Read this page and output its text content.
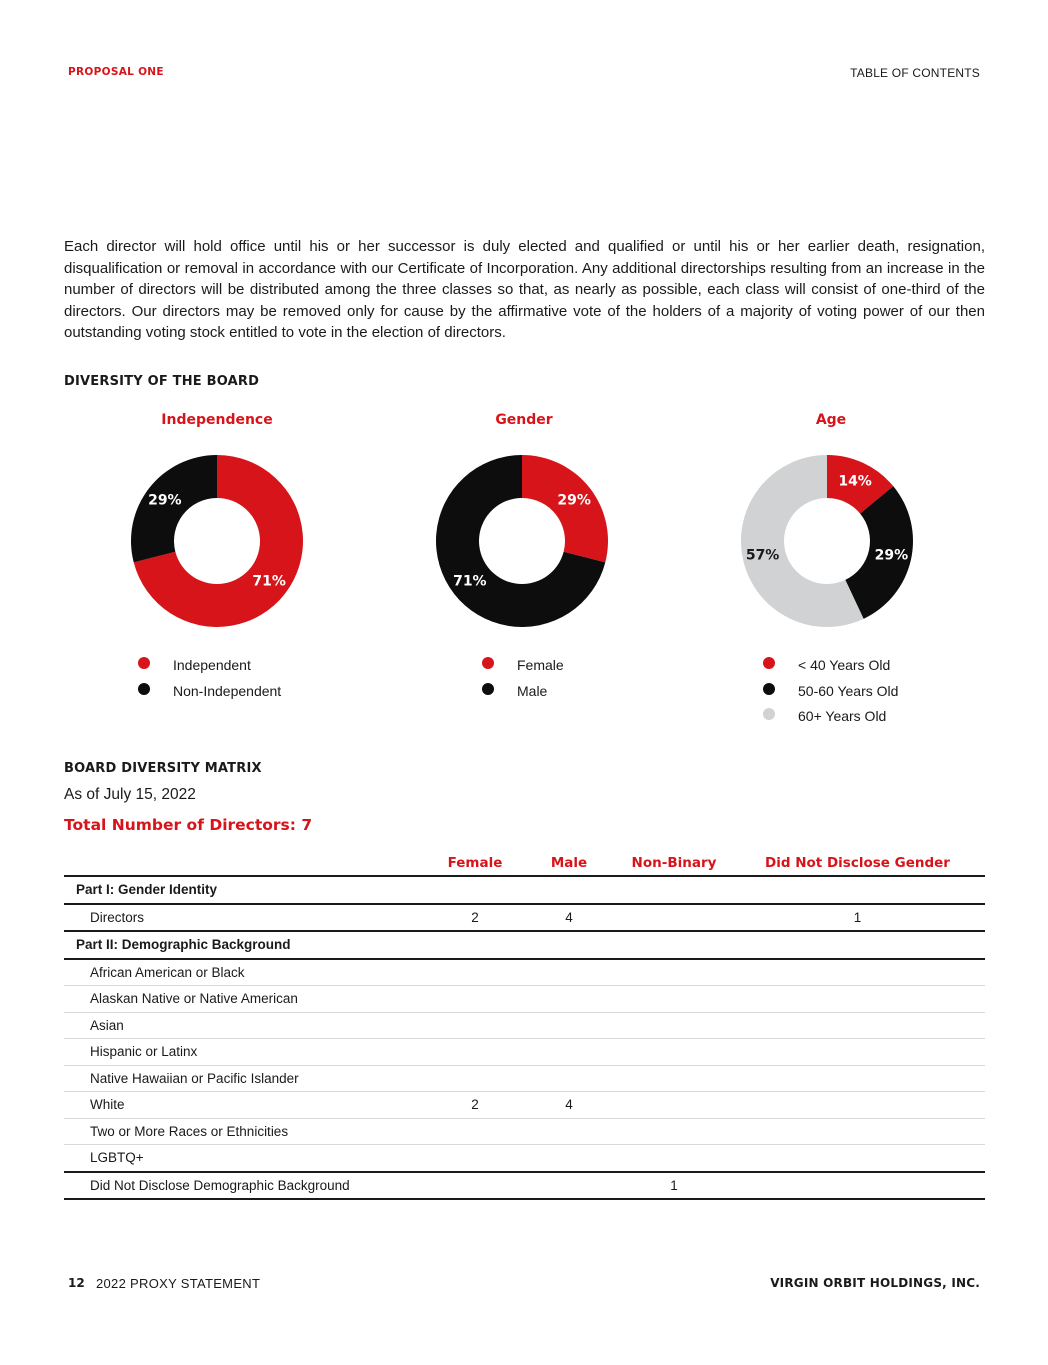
PROPOSAL ONE	TABLE OF CONTENTS

Each director will hold office until his or her successor is duly elected and qualified or until his or her earlier death, resignation, disqualification or removal in accordance with our Certificate of Incorporation. Any additional directorships resulting from an increase in the number of directors will be distributed among the three classes so that, as nearly as possible, each class will consist of one-third of the directors. Our directors may be removed only for cause by the affirmative vote of the holders of a majority of voting power of our then outstanding voting stock entitled to vote in the election of directors.

DIVERSITY OF THE BOARD
Independence
71%
29%
Independent
Non-Independent
Gender
29%
71%
Female
Male
Age
14%
29%
57%
< 40 Years Old
50-60 Years Old
60+ Years Old
BOARD DIVERSITY MATRIX
As of July 15, 2022
Total Number of Directors: 7
	Female	Male	Non-Binary	Did Not Disclose Gender
Part I: Gender Identity				
Directors	2	4		1
Part II: Demographic Background				
African American or Black				
Alaskan Native or Native American				
Asian				
Hispanic or Latinx				
Native Hawaiian or Pacific Islander				
White	2	4		
Two or More Races or Ethnicities				
LGBTQ+				
Did Not Disclose Demographic Background			1	
12 2022 PROXY STATEMENT	VIRGIN ORBIT HOLDINGS, INC.
